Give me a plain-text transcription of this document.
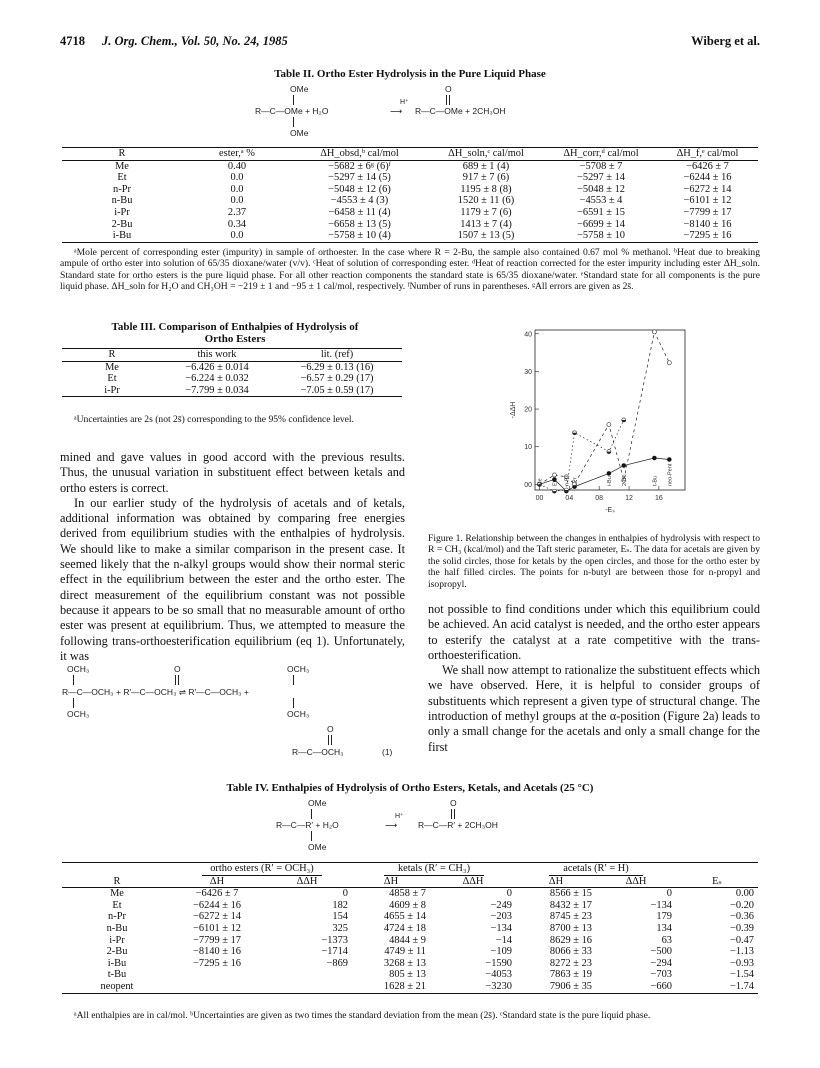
4718 J. Org. Chem., Vol. 50, No. 24, 1985	Wiberg et al.
Table II. Ortho Ester Hydrolysis in the Pure Liquid Phase
OMe	O
H⁺
R—C—OMe + H₂O	⟶ R—C—OMe + 2CH₃OH
OMe
R	ester,ᵃ %	ΔH_obsd,ᵇ cal/mol	ΔH_soln,ᶜ cal/mol	ΔH_corr,ᵈ cal/mol	ΔH_f,ᵉ cal/mol
Me	0.40	−5682 ± 6ᵍ (6)ᶠ	689 ± 1 (4)	−5708 ± 7	−6426 ± 7
Et	0.0	−5297 ± 14 (5)	917 ± 7 (6)	−5297 ± 14	−6244 ± 16
n-Pr	0.0	−5048 ± 12 (6)	1195 ± 8 (8)	−5048 ± 12	−6272 ± 14
n-Bu	0.0	−4553 ± 4 (3)	1520 ± 11 (6)	−4553 ± 4	−6101 ± 12
i-Pr	2.37	−6458 ± 11 (4)	1179 ± 7 (6)	−6591 ± 15	−7799 ± 17
2-Bu	0.34	−6658 ± 13 (5)	1413 ± 7 (4)	−6699 ± 14	−8140 ± 16
i-Bu	0.0	−5758 ± 10 (4)	1507 ± 13 (5)	−5758 ± 10	−7295 ± 16
ᵃMole percent of corresponding ester (impurity) in sample of orthoester. In the case where R = 2-Bu, the sample also contained 0.67 mol % methanol. ᵇHeat due to breaking ampule of ortho ester into solution of 65/35 dioxane/water (v/v). ᶜHeat of solution of corresponding ester. ᵈHeat of reaction corrected for the ester impurity including ester ΔH_soln. Standard state for ortho esters is the pure liquid phase. For all other reaction components the standard state is 65/35 dioxane/water. ᵉStandard state for all components is the pure liquid phase. ΔH_soln for H₂O and CH₃OH = −219 ± 1 and −95 ± 1 cal/mol, respectively. ᶠNumber of runs in parentheses. ᵍAll errors are given as 2s̄.
Table III. Comparison of Enthalpies of Hydrolysis of
Ortho Esters
R	this work	lit. (ref)
Me	−6.426 ± 0.014	−6.29 ± 0.13 (16)
Et	−6.224 ± 0.032	−6.57 ± 0.29 (17)
i-Pr	−7.799 ± 0.034	−7.05 ± 0.59 (17)
ᵃUncertainties are 2s (not 2s̄) corresponding to the 95% confidence level.

mined and gave values in good accord with the previous results. Thus, the unusual variation in substituent effect between ketals and ortho esters is correct.

In our earlier study of the hydrolysis of acetals and of ketals, additional information was obtained by comparing free energies derived from equilibrium studies with the enthalpies of hydrolysis. We should like to make a similar comparison in the present case. It seemed likely that the n-alkyl groups would show their normal steric effect in the equilibrium between the ester and the ortho ester. The direct measurement of the equilibrium constant was not possible because it appears to be so small that no measurable amount of ortho ester was present at equilibrium. Thus, we attempted to measure the following trans-orthoesterification equilibrium (eq 1). Unfortunately, it was

OCH₃	O	OCH₃
R—C—OCH₃ + R′—C—OCH₃ ⇌ R′—C—OCH₃ +
OCH₃	OCH₃
O
R—C—OCH₃	(1)
00	04	08	12	16
00
10
20
30
40
-ΔΔH
-Eₛ
Me Et n-Pr i-Pr	i-Bu 2-Bu	t-Bu neo-Pent
Figure 1. Relationship between the changes in enthalpies of hydrolysis with respect to R = CH₃ (kcal/mol) and the Taft steric parameter, Eₛ. The data for acetals are given by the solid circles, those for ketals by the open circles, and those for the ortho ester by the half filled circles. The points for n-butyl are between those for n-propyl and isopropyl.

not possible to find conditions under which this equilibrium could be achieved. An acid catalyst is needed, and the ortho ester appears to esterify the catalyst at a rate competitive with the trans-orthoesterification.

We shall now attempt to rationalize the substituent effects which we have observed. Here, it is helpful to consider groups of substituents which represent a given type of structural change. The introduction of methyl groups at the α-position (Figure 2a) leads to only a small change for the acetals and only a small change for the first

Table IV. Enthalpies of Hydrolysis of Ortho Esters, Ketals, and Acetals (25 °C)
OMe	O
H⁺
R—C—R′ + H₂O	⟶ R—C—R′ + 2CH₃OH
OMe
	ortho esters (R′ = OCH₃)		ketals (R′ = CH₃)		acetals (R′ = H)		
R	ΔH	ΔΔH	ΔH	ΔΔH	ΔH	ΔΔH	Eₛ
Me	−6426 ± 7	0	4858 ± 7	0	8566 ± 15	0	0.00
Et	−6244 ± 16	182	4609 ± 8	−249	8432 ± 17	−134	−0.20
n-Pr	−6272 ± 14	154	4655 ± 14	−203	8745 ± 23	179	−0.36
n-Bu	−6101 ± 12	325	4724 ± 18	−134	8700 ± 13	134	−0.39
i-Pr	−7799 ± 17	−1373	4844 ± 9	−14	8629 ± 16	63	−0.47
2-Bu	−8140 ± 16	−1714	4749 ± 11	−109	8066 ± 33	−500	−1.13
i-Bu	−7295 ± 16	−869	3268 ± 13	−1590	8272 ± 23	−294	−0.93
t-Bu			805 ± 13	−4053	7863 ± 19	−703	−1.54
neopent			1628 ± 21	−3230	7906 ± 35	−660	−1.74
ᵃAll enthalpies are in cal/mol. ᵇUncertainties are given as two times the standard deviation from the mean (2s̄). ᶜStandard state is the pure liquid phase.
